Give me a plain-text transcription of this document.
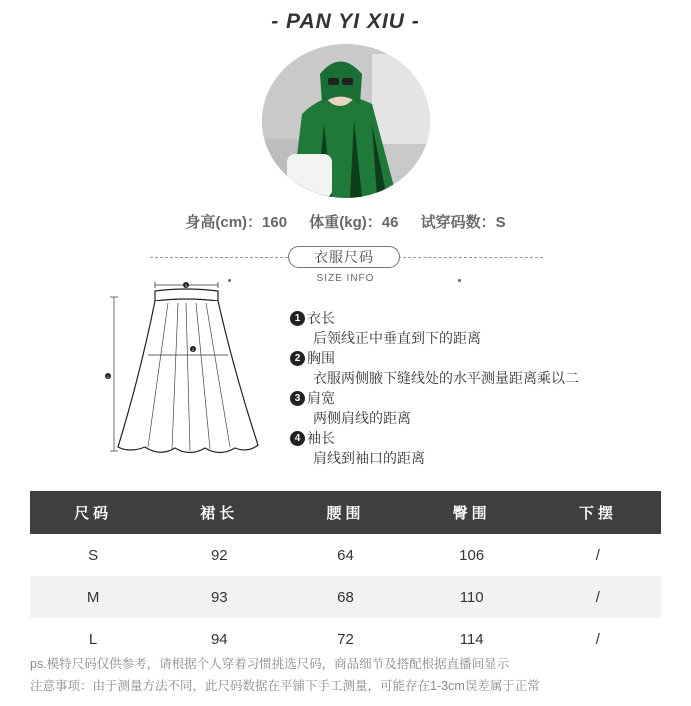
- PAN YI XIU -
身高(cm)：160 体重(kg)：46 试穿码数：S
衣服尺码
SIZE INFO
3
2
1
1 衣长
后领线正中垂直到下的距离
2 胸围
衣服两侧腋下缝线处的水平测量距离乘以二
3 肩宽
两侧肩线的距离
4 袖长
肩线到袖口的距离
尺码	裙长	腰围	臀围	下摆
S	92	64	106	/
M	93	68	110	/
L	94	72	114	/
ps.模特尺码仅供参考，请根据个人穿着习惯挑选尺码，商品细节及搭配根据直播间显示
注意事项：由于测量方法不同，此尺码数据在平铺下手工测量，可能存在1-3cm误差属于正常
